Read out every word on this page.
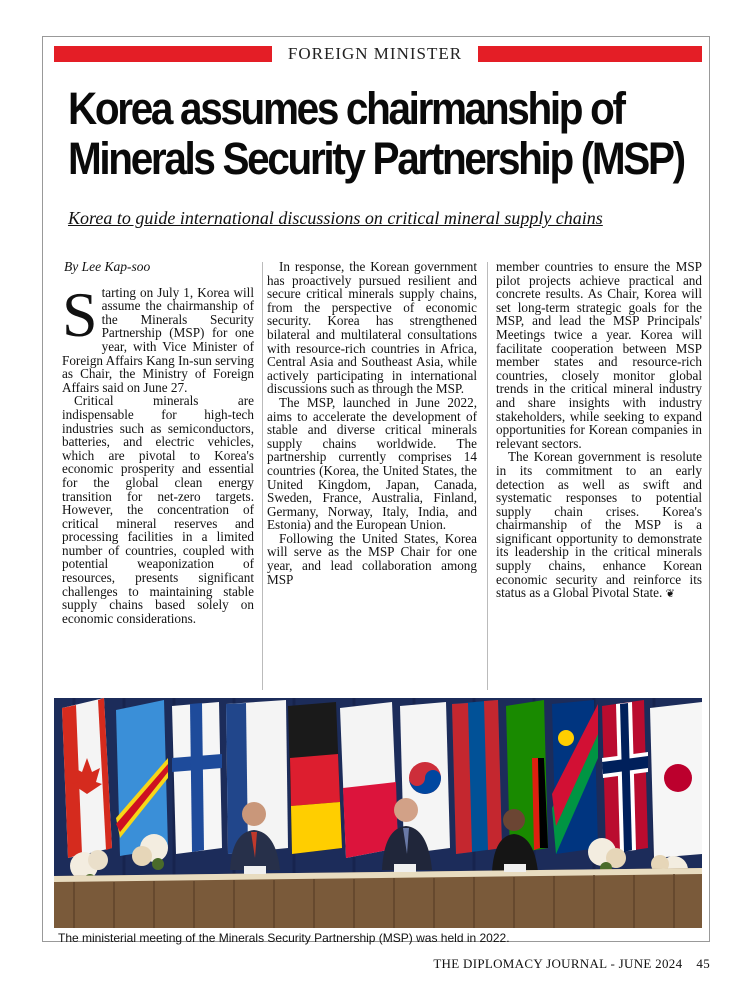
FOREIGN MINISTER
Korea assumes chairmanship of
Minerals Security Partnership (MSP)

Korea to guide international discussions on critical mineral supply chains

By Lee Kap-soo

Starting on July 1, Korea will assume the chairmanship of the Minerals Security Partnership (MSP) for one year, with Vice Minister of Foreign Affairs Kang In-sun serving as Chair, the Ministry of Foreign Affairs said on June 27.

Critical minerals are indispensable for high-tech industries such as semiconductors, batteries, and electric vehicles, which are pivotal to Korea's economic prosperity and essential for the global clean energy transition for net-zero targets. However, the concentration of critical mineral reserves and processing facilities in a limited number of countries, coupled with potential weaponization of resources, presents significant challenges to maintaining stable supply chains based solely on economic considerations.

In response, the Korean government has proactively pursued resilient and secure critical minerals supply chains, from the perspective of economic security. Korea has strengthened bilateral and multilateral consultations with resource-rich countries in Africa, Central Asia and Southeast Asia, while actively participating in international discussions such as through the MSP.

The MSP, launched in June 2022, aims to accelerate the development of stable and diverse critical minerals supply chains worldwide. The partnership currently comprises 14 countries (Korea, the United States, the United Kingdom, Japan, Canada, Sweden, France, Australia, Finland, Germany, Norway, Italy, India, and Estonia) and the European Union.

Following the United States, Korea will serve as the MSP Chair for one year, and lead collaboration among MSP

member countries to ensure the MSP pilot projects achieve practical and concrete results. As Chair, Korea will set long-term strategic goals for the MSP, and lead the MSP Principals' Meetings twice a year. Korea will facilitate cooperation between MSP member states and resource-rich countries, closely monitor global trends in the critical mineral industry and share insights with industry stakeholders, while seeking to expand opportunities for Korean companies in relevant sectors.

The Korean government is resolute in its commitment to an early detection as well as swift and systematic responses to potential supply chain crises. Korea's chairmanship of the MSP is a significant opportunity to demonstrate its leadership in the critical minerals supply chains, enhance Korean economic security and reinforce its status as a Global Pivotal State. ❦

The ministerial meeting of the Minerals Security Partnership (MSP) was held in 2022.
THE DIPLOMACY JOURNAL - JUNE 2024 45
